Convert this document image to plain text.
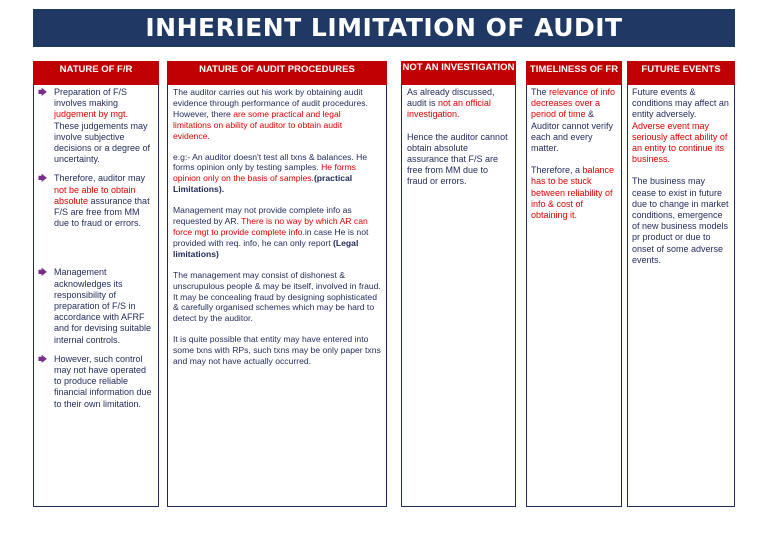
INHERIENT LIMITATION OF AUDIT
NATURE OF F/R
🡆 Preparation of F/S involves making judgement by mgt. These judgements may involve subjective decisions or a degree of uncertainty.
🡆 Therefore, auditor may not be able to obtain absolute assurance that F/S are free from MM due to fraud or errors.
🡆 Management acknowledges its responsibility of preparation of F/S in accordance with AFRF and for devising suitable internal controls.
🡆 However, such control may not have operated to produce reliable financial information due to their own limitation.
NATURE OF AUDIT PROCEDURES

The auditor carries out his work by obtaining audit evidence through performance of audit procedures. However, there are some practical and legal limitations on ability of auditor to obtain audit evidence.

e.g:- An auditor doesn't test all txns & balances. He forms opinion only by testing samples. He forms opinion only on the basis of samples.(practical Limitations).

Management may not provide complete info as requested by AR. There is no way by which AR can force mgt to provide complete info.in case He is not provided with req. info, he can only report (Legal limitations)

The management may consist of dishonest & unscrupulous people & may be itself, involved in fraud. It may be concealing fraud by designing sophisticated & carefully organised schemes which may be hard to detect by the auditor.

It is quite possible that entity may have entered into some txns with RPs, such txns may be only paper txns and may not have actually occurred.

NOT AN INVESTIGATION

As already discussed, audit is not an official investigation.

Hence the auditor cannot obtain absolute assurance that F/S are free from MM due to fraud or errors.

TIMELINESS OF FR

The relevance of info decreases over a period of time & Auditor cannot verify each and every matter.

Therefore, a balance has to be stuck between reliability of info & cost of obtaining it.

FUTURE EVENTS

Future events & conditions may affect an entity adversely. Adverse event may seriously affect ability of an entity to continue its business.

The business may cease to exist in future due to change in market conditions, emergence of new business models pr product or due to onset of some adverse events.
